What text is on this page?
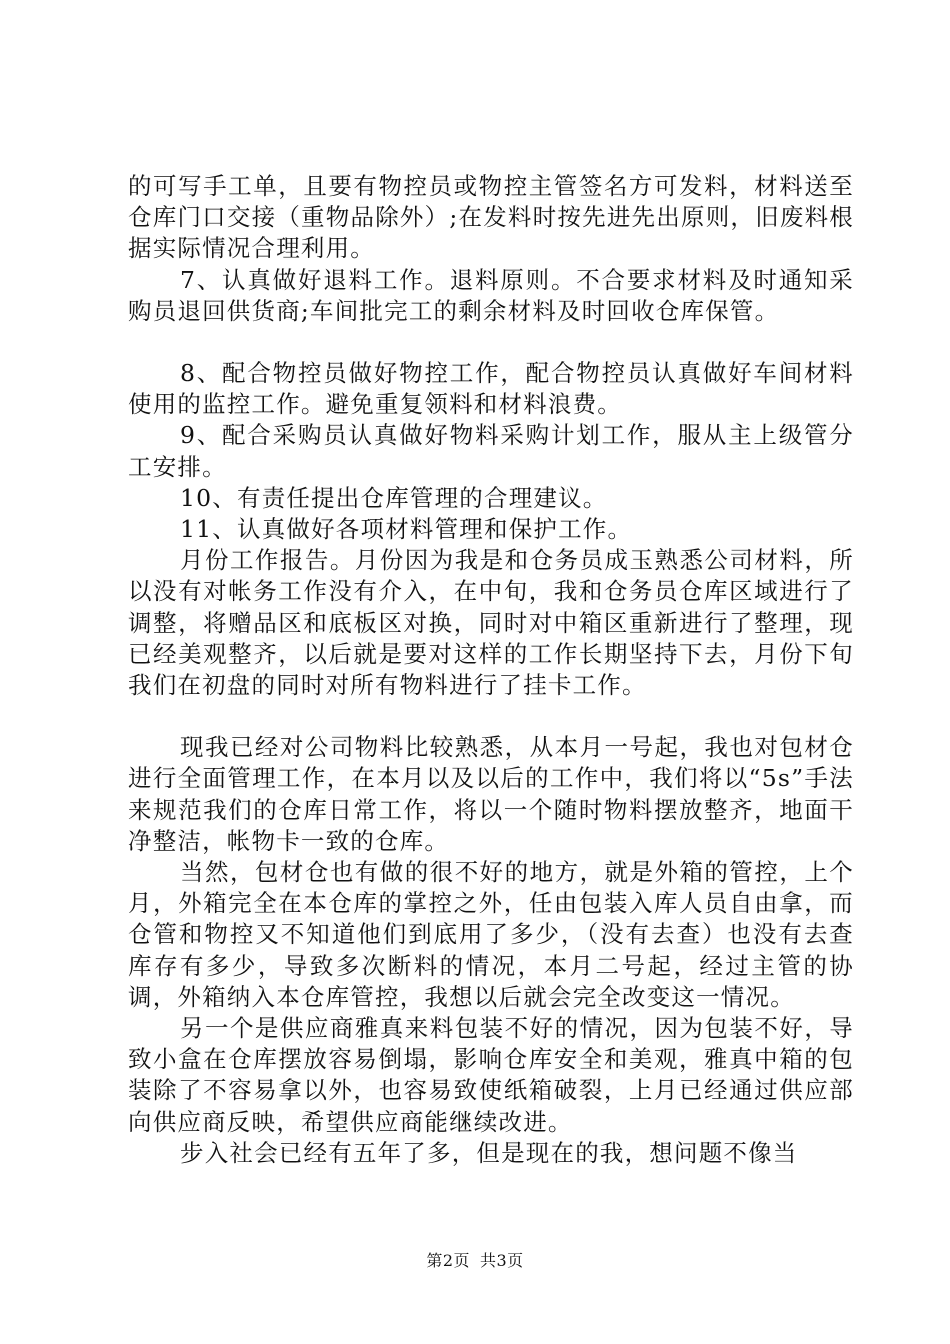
的可写手工单，且要有物控员或物控主管签名方可发料，材料送至仓库门口交接（重物品除外）;在发料时按先进先出原则，旧废料根据实际情况合理利用。

7、认真做好退料工作。退料原则。不合要求材料及时通知采购员退回供货商;车间批完工的剩余材料及时回收仓库保管。

8、配合物控员做好物控工作，配合物控员认真做好车间材料使用的监控工作。避免重复领料和材料浪费。

9、配合采购员认真做好物料采购计划工作，服从主上级管分工安排。

10、有责任提出仓库管理的合理建议。

11、认真做好各项材料管理和保护工作。

月份工作报告。月份因为我是和仓务员成玉熟悉公司材料，所以没有对帐务工作没有介入，在中旬，我和仓务员仓库区域进行了调整，将赠品区和底板区对换，同时对中箱区重新进行了整理，现已经美观整齐，以后就是要对这样的工作长期坚持下去，月份下旬我们在初盘的同时对所有物料进行了挂卡工作。

现我已经对公司物料比较熟悉，从本月一号起，我也对包材仓进行全面管理工作，在本月以及以后的工作中，我们将以“5s”手法来规范我们的仓库日常工作，将以一个随时物料摆放整齐，地面干净整洁，帐物卡一致的仓库。

当然，包材仓也有做的很不好的地方，就是外箱的管控，上个月，外箱完全在本仓库的掌控之外，任由包装入库人员自由拿，而仓管和物控又不知道他们到底用了多少，（没有去查）也没有去查库存有多少，导致多次断料的情况，本月二号起，经过主管的协调，外箱纳入本仓库管控，我想以后就会完全改变这一情况。

另一个是供应商雅真来料包装不好的情况，因为包装不好，导致小盒在仓库摆放容易倒塌，影响仓库安全和美观，雅真中箱的包装除了不容易拿以外，也容易致使纸箱破裂，上月已经通过供应部向供应商反映，希望供应商能继续改进。

步入社会已经有五年了多，但是现在的我，想问题不像当

第2页 共3页
